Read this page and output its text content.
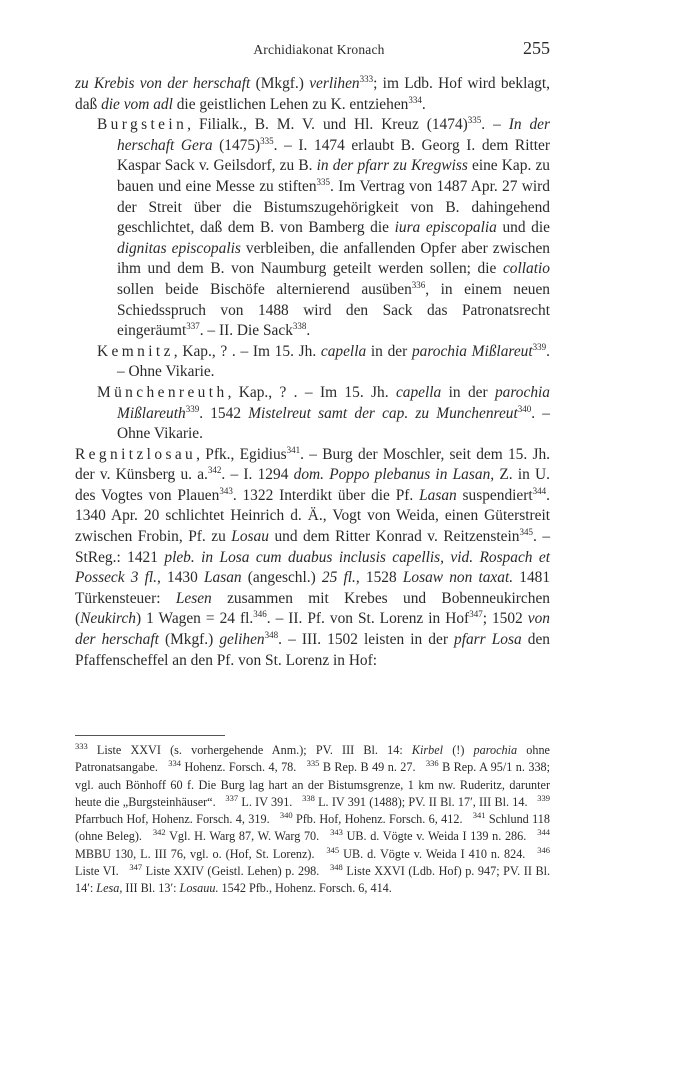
Archidiakonat Kronach	255

zu Krebis von der herschaft (Mkgf.) verlihen$^{333}$; im Ldb. Hof wird beklagt, daß die vom adl die geistlichen Lehen zu K. entziehen$^{334}$.

Burgstein, Filialk., B. M. V. und Hl. Kreuz $(1474)^{335}$. – In der herschaft Gera $(1475)^{335}$. – I. 1474 erlaubt B. Georg I. dem Ritter Kaspar Sack v. Geilsdorf, zu B. in der pfarr zu Kregwiss eine Kap. zu bauen und eine Messe zu stiften$^{335}$. Im Vertrag von 1487 Apr. 27 wird der Streit über die Bistumszugehörigkeit von B. dahingehend geschlichtet, daß dem B. von Bamberg die iura episcopalia und die dignitas episcopalis verbleiben, die anfallenden Opfer aber zwischen ihm und dem B. von Naumburg geteilt werden sollen; die collatio sollen beide Bischöfe alternierend ausüben$^{336}$, in einem neuen Schiedsspruch von 1488 wird den Sack das Patronatsrecht eingeräumt$^{337}$. – II. Die Sack$^{338}$.

Kemnitz, Kap., ? . – Im 15. Jh. capella in der parochia Mißlareut$^{339}$. – Ohne Vikarie.

Münchenreuth, Kap., ? . – Im 15. Jh. capella in der parochia Mißlareuth$^{339}$. 1542 Mistelreut samt der cap. zu Munchenreut$^{340}$. – Ohne Vikarie.

Regnitzlosau, Pfk., Egidius$^{341}$. – Burg der Moschler, seit dem 15. Jh. der v. Künsberg u. a.$^{342}$. – I. 1294 dom. Poppo plebanus in Lasan, Z. in U. des Vogtes von Plauen$^{343}$. 1322 Interdikt über die Pf. Lasan suspendiert$^{344}$. 1340 Apr. 20 schlichtet Heinrich d. Ä., Vogt von Weida, einen Güterstreit zwischen Frobin, Pf. zu Losau und dem Ritter Konrad v. Reitzenstein$^{345}$. – StReg.: 1421 pleb. in Losa cum duabus inclusis capellis, vid. Rospach et Posseck 3 fl., 1430 Lasan (angeschl.) 25 fl., 1528 Losaw non taxat. 1481 Türkensteuer: Lesen zusammen mit Krebes und Bobenneukirchen (Neukirch) 1 Wagen = 24 fl.$^{346}$. – II. Pf. von St. Lorenz in Hof$^{347}$; 1502 von der herschaft (Mkgf.) gelihen$^{348}$. – III. 1502 leisten in der pfarr Losa den Pfaffenscheffel an den Pf. von St. Lorenz in Hof:

$^{333}$ Liste XXVI (s. vorhergehende Anm.); PV. III Bl. 14: Kirbel (!) parochia ohne Patronatsangabe. $^{334}$ Hohenz. Forsch. 4, 78. $^{335}$ B Rep. B 49 n. 27. $^{336}$ B Rep. A 95/1 n. 338; vgl. auch Bönhoff 60 f. Die Burg lag hart an der Bistumsgrenze, 1 km nw. Ruderitz, darunter heute die „Burgsteinhäuser“. $^{337}$ L. IV 391. $^{338}$ L. IV 391 (1488); PV. II Bl. 17′, III Bl. 14. $^{339}$ Pfarrbuch Hof, Hohenz. Forsch. 4, 319. $^{340}$ Pfb. Hof, Hohenz. Forsch. 6, 412. $^{341}$ Schlund 118 (ohne Beleg). $^{342}$ Vgl. H. Warg 87, W. Warg 70. $^{343}$ UB. d. Vögte v. Weida I 139 n. 286. $^{344}$ MBBU 130, L. III 76, vgl. o. (Hof, St. Lorenz). $^{345}$ UB. d. Vögte v. Weida I 410 n. 824. $^{346}$ Liste VI. $^{347}$ Liste XXIV (Geistl. Lehen) p. 298. $^{348}$ Liste XXVI (Ldb. Hof) p. 947; PV. II Bl. 14′: Lesa, III Bl. 13′: Losauu. 1542 Pfb., Hohenz. Forsch. 6, 414.
